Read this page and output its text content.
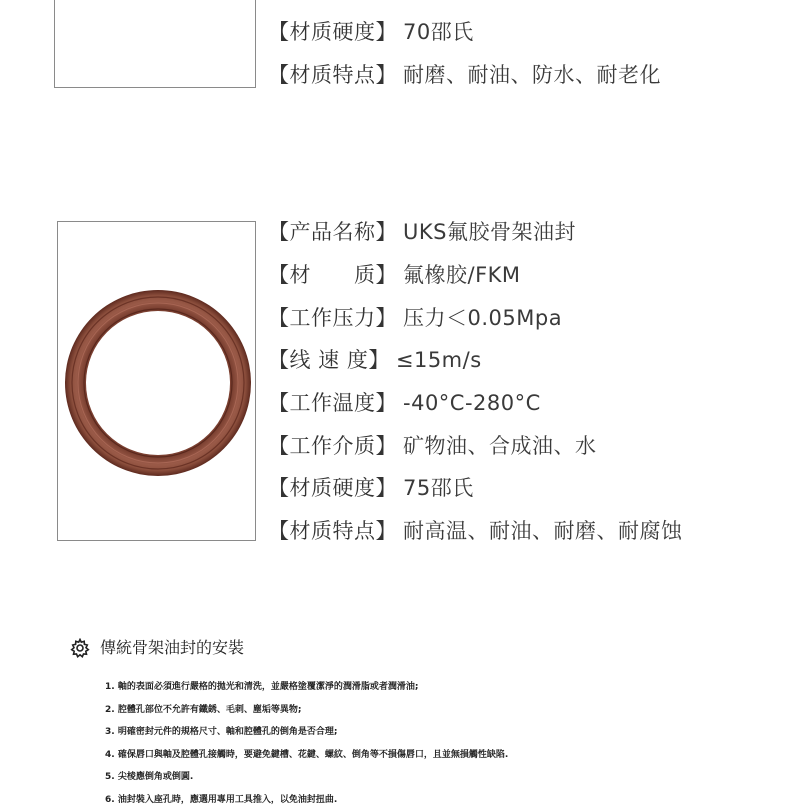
【材质硬度】 70邵氏
【材质特点】 耐磨、耐油、防水、耐老化
【产品名称】 UKS氟胶骨架油封
【材　　质】 氟橡胶/FKM
【工作压力】 压力＜0.05Mpa
【线 速 度】 ≤15m/s
【工作温度】 -40°C-280°C
【工作介质】 矿物油、合成油、水
【材质硬度】 75邵氏
【材质特点】 耐高温、耐油、耐磨、耐腐蚀
傳統骨架油封的安裝
1. 軸的表面必須進行嚴格的拋光和清洗，並嚴格塗覆潔淨的潤滑脂或者潤滑油;
2. 腔體孔部位不允許有鐵銹、毛刺、塵垢等異物;
3. 明確密封元件的規格尺寸、軸和腔體孔的倒角是否合理;
4. 確保唇口與軸及腔體孔接觸時，要避免鍵槽、花鍵、螺紋、倒角等不損傷唇口，且並無損觸性缺陷.
5. 尖棱應倒角或倒圓.
6. 油封裝入座孔時，應選用專用工具推入，以免油封扭曲.
